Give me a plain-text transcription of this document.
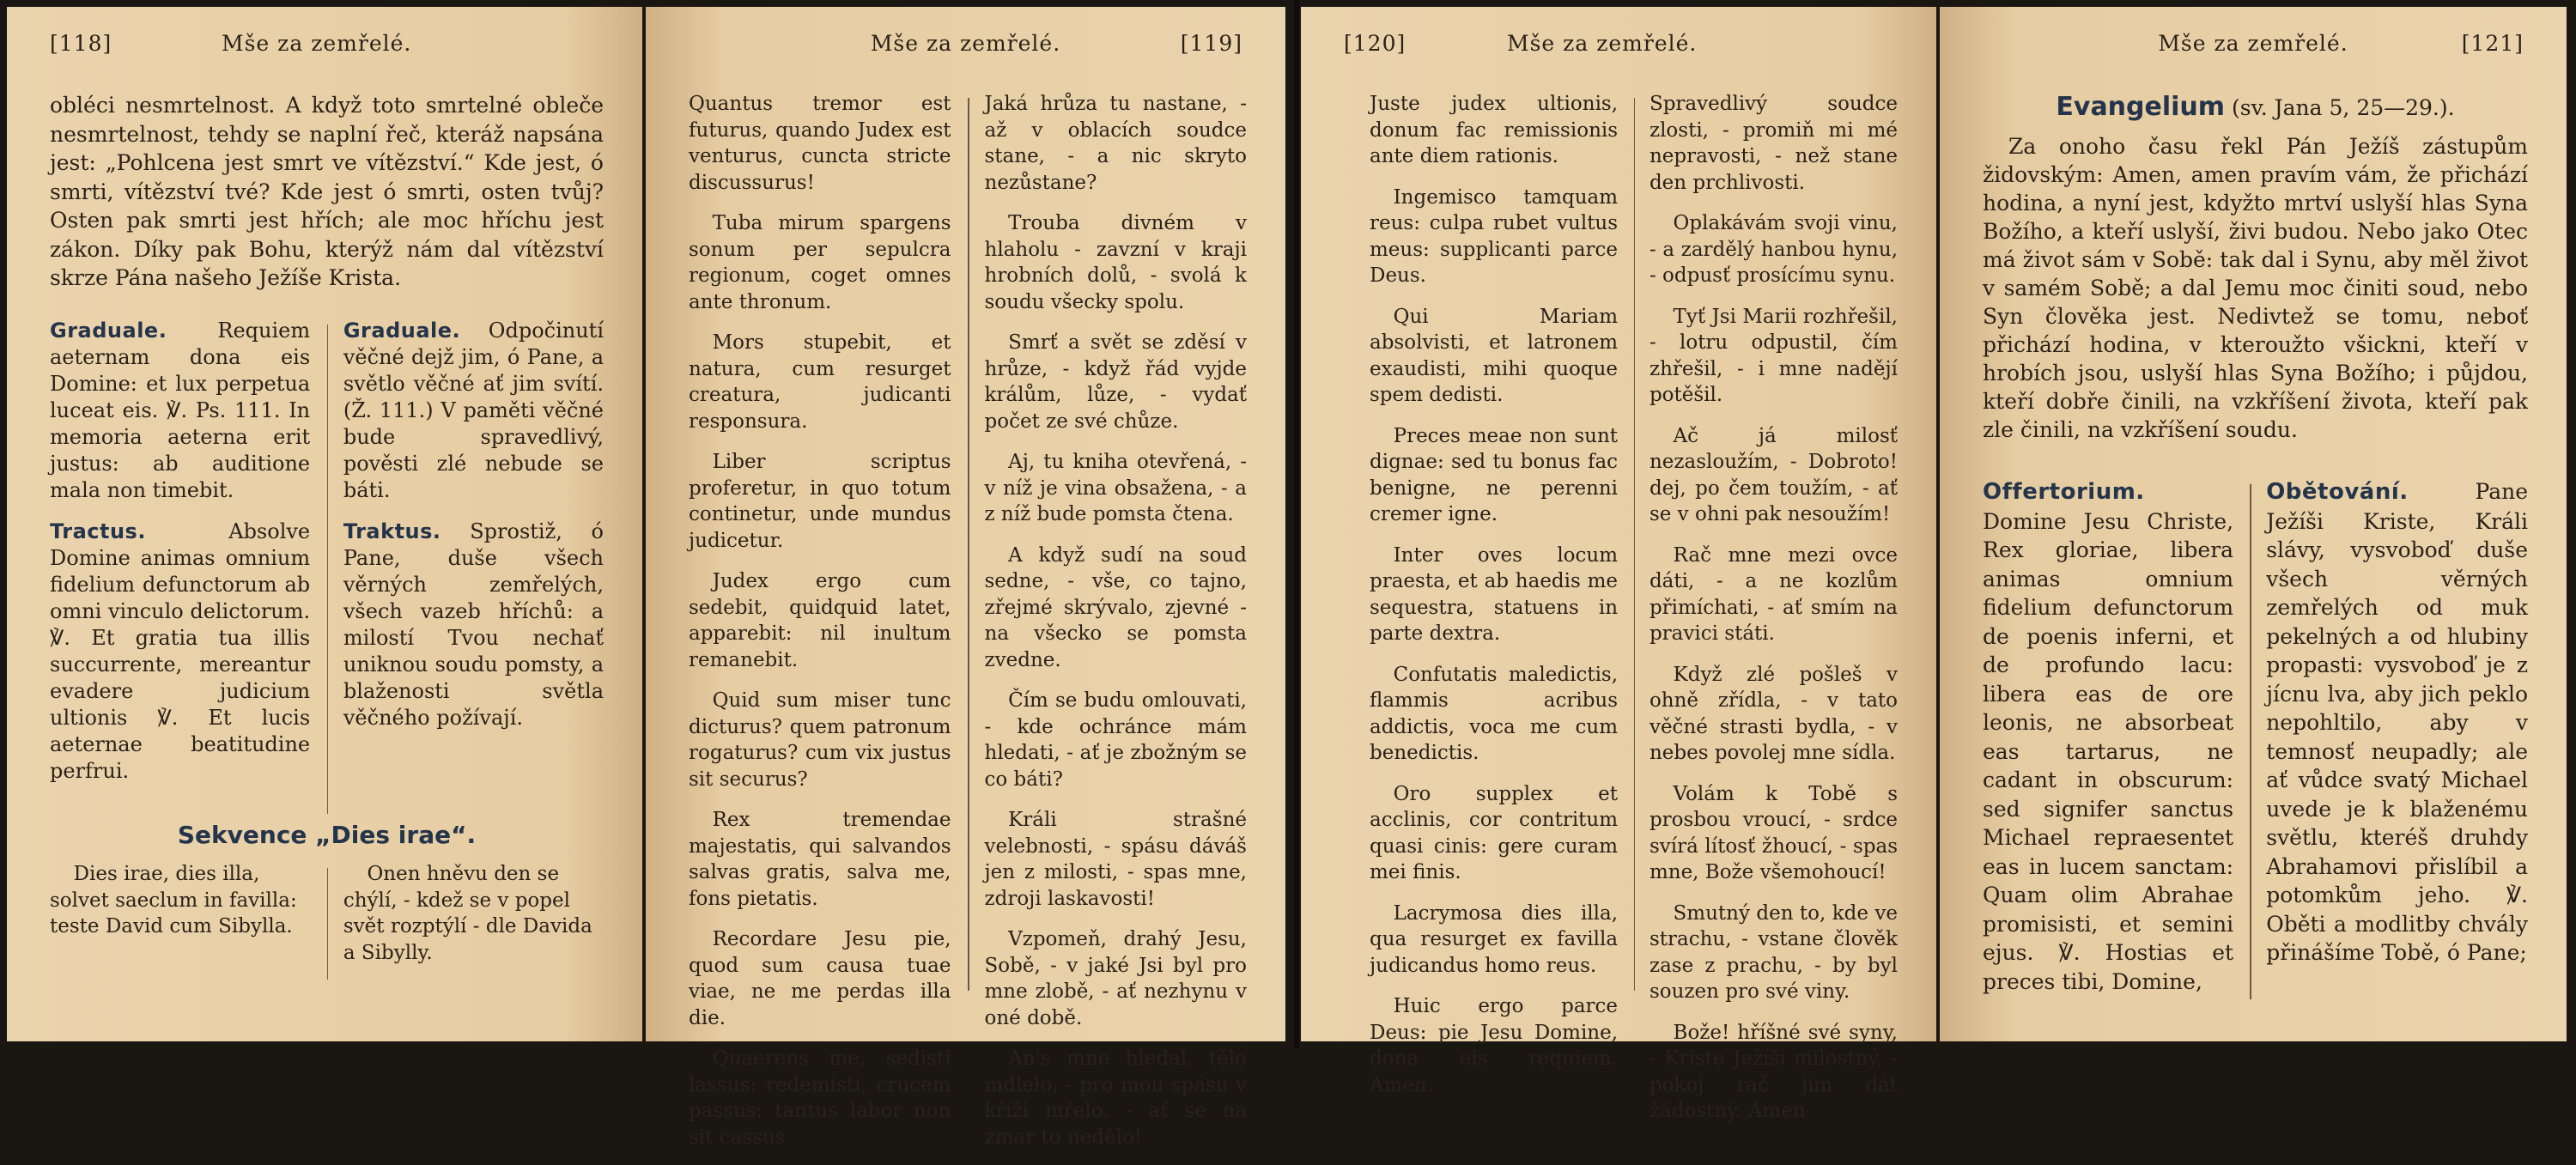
[118]	Mše za zemřelé.
obléci nesmrtelnost. A když toto smrtelné obleče nesmrtelnost, tehdy se naplní řeč, kteráž napsána jest: „Pohlcena jest smrt ve vítězství.“ Kde jest, ó smrti, vítězství tvé? Kde jest ó smrti, osten tvůj? Osten pak smrti jest hřích; ale moc hříchu jest zákon. Díky pak Bohu, kterýž nám dal vítězství skrze Pána našeho Ježíše Krista.
Graduale. Requiem aeternam dona eis Domine: et lux perpetua luceat eis. ℣. Ps. 111. In memoria aeterna erit justus: ab auditione mala non timebit.
Tractus.	Absolve Domine animas omnium fidelium defunctorum ab omni vinculo delictorum. ℣. Et gratia tua illis succurrente, mereantur evadere judicium ultionis ℣. Et lucis aeternae beatitudine perfrui.
Graduale. Odpočinutí věčné dejž jim, ó Pane, a světlo věčné ať jim svítí. (Ž. 111.) V paměti věčné bude spravedlivý, pověsti zlé nebude se báti.
Traktus. Sprostiž, ó Pane, duše všech věrných zemřelých, všech vazeb hříchů: a milostí Tvou nechať uniknou soudu pomsty, a blaženosti světla věčného požívají.
Sekvence „Dies irae“.
Dies irae, dies illa, solvet saeclum in favilla: teste David cum Sibylla.
Onen hněvu den se chýlí, - kdež se v popel svět rozptýlí - dle Davida a Sibylly.
Mše za zemřelé.	[119]
Quantus tremor est futurus, quando Judex est venturus, cuncta stricte discussurus!
Tuba mirum spargens sonum per sepulcra regionum, coget omnes ante thronum.
Mors stupebit, et natura, cum resurget creatura, judicanti responsura.
Liber scriptus proferetur, in quo totum continetur, unde mundus judicetur.
Judex ergo cum sedebit, quidquid latet, apparebit: nil inultum remanebit.
Quid sum miser tunc dicturus? quem patronum rogaturus? cum vix justus sit securus?
Rex tremendae majestatis, qui salvandos salvas gratis, salva me, fons pietatis.
Recordare Jesu pie, quod sum causa tuae viae, ne me perdas illa die.
Quaerens me, sedisti lassus: redemisti, crucem passus: tantus labor non sit cassus
Jaká hrůza tu nastane, - až v oblacích soudce stane, - a nic skryto nezůstane?
Trouba divném v hlaholu - zavzní v kraji hrobních dolů, - svolá k soudu všecky spolu.
Smrť a svět se zděsí v hrůze, - když řád vyjde králům, lůze, - vydať počet ze své chůze.
Aj, tu kniha otevřená, - v níž je vina obsažena, - a z níž bude pomsta čtena.
A když sudí na soud sedne, - vše, co tajno, zřejmé skrývalo, zjevné - na všecko se pomsta zvedne.
Čím se budu omlouvati, - kde ochránce mám hledati, - ať je zbožným se co báti?
Králi strašné velebnosti, - spásu dáváš jen z milosti, - spas mne, zdroji laskavosti!
Vzpomeň, drahý Jesu, Sobě, - v jaké Jsi byl pro mne zlobě, - ať nezhynu v oné době.
An's mne hledal, tělo mdleło, - pro mou spásu v kříži mřelo, - ať se na zmar to nedělo!
[120]	Mše za zemřelé.
Juste judex ultionis, donum fac remissionis ante diem rationis.
Ingemisco tamquam reus: culpa rubet vultus meus: supplicanti parce Deus.
Qui Mariam absolvisti, et latronem exaudisti, mihi quoque spem dedisti.
Preces meae non sunt dignae: sed tu bonus fac benigne, ne perenni cremer igne.
Inter oves locum praesta, et ab haedis me sequestra, statuens in parte dextra.
Confutatis maledictis, flammis acribus addictis, voca me cum benedictis.
Oro supplex et acclinis, cor contritum quasi cinis: gere curam mei finis.
Lacrymosa dies illa, qua resurget ex favilla judicandus homo reus.
Huic ergo parce Deus: pie Jesu Domine, dona eis requiem. Amen.
Spravedlivý soudce zlosti, - promiň mi mé nepravosti, - než stane den prchlivosti.
Oplakávám svoji vinu, - a zardělý hanbou hynu, - odpusť prosícímu synu.
Tyť Jsi Marii rozhřešil, - lotru odpustil, čím zhřešil, - i mne nadějí potěšil.
Ač já milosť nezasloužím, - Dobroto! dej, po čem toužím, - ať se v ohni pak nesoužím!
Rač mne mezi ovce dáti, - a ne kozlům přimíchati, - ať smím na pravici státi.
Když zlé pošleš v ohně zřídla, - v tato věčné strasti bydla, - v nebes povolej mne sídla.
Volám k Tobě s prosbou vroucí, - srdce svírá lítosť žhoucí, - spas mne, Bože všemohoucí!
Smutný den to, kde ve strachu, - vstane člověk zase z prachu, - by byl souzen pro své viny.
Bože! hříšné své syny, - Kriste Ježíši milostný, - pokoj rač jim dát žádostný. Amen
Mše za zemřelé.	[121]
Evangelium (sv. Jana 5, 25—29.).
Za onoho času řekl Pán Ježíš zástupům židovským: Amen, amen pravím vám, že přichází hodina, a nyní jest, kdyžto mrtví uslyší hlas Syna Božího, a kteří uslyší, živi budou. Nebo jako Otec má život sám v Sobě: tak dal i Synu, aby měl život v samém Sobě; a dal Jemu moc činiti soud, nebo Syn člověka jest. Nedivtež se tomu, neboť přichází hodina, v kteroužto všickni, kteří v hrobích jsou, uslyší hlas Syna Božího; i půjdou, kteří dobře činili, na vzkříšení života, kteří pak zle činili, na vzkříšení soudu.
Offertorium. Domine Jesu Christe, Rex gloriae, libera animas omnium fidelium defunctorum de poenis inferni, et de profundo lacu: libera eas de ore leonis, ne absorbeat eas tartarus, ne cadant in obscurum: sed signifer sanctus Michael repraesentet eas in lucem sanctam: Quam olim Abrahae promisisti, et semini ejus. ℣. Hostias et preces tibi, Domine,
Obětování.	Pane Ježíši Kriste, Králi slávy, vysvoboď duše všech věrných zemřelých od muk pekelných a od hlubiny propasti: vysvoboď je z jícnu lva, aby jich peklo nepohltilo, aby v temnosť neupadly; ale ať vůdce svatý Michael uvede je k blaženému světlu, kteréš druhdy Abrahamovi přislíbil a potomkům jeho. ℣. Oběti a modlitby chvály přinášíme Tobě, ó Pane;
